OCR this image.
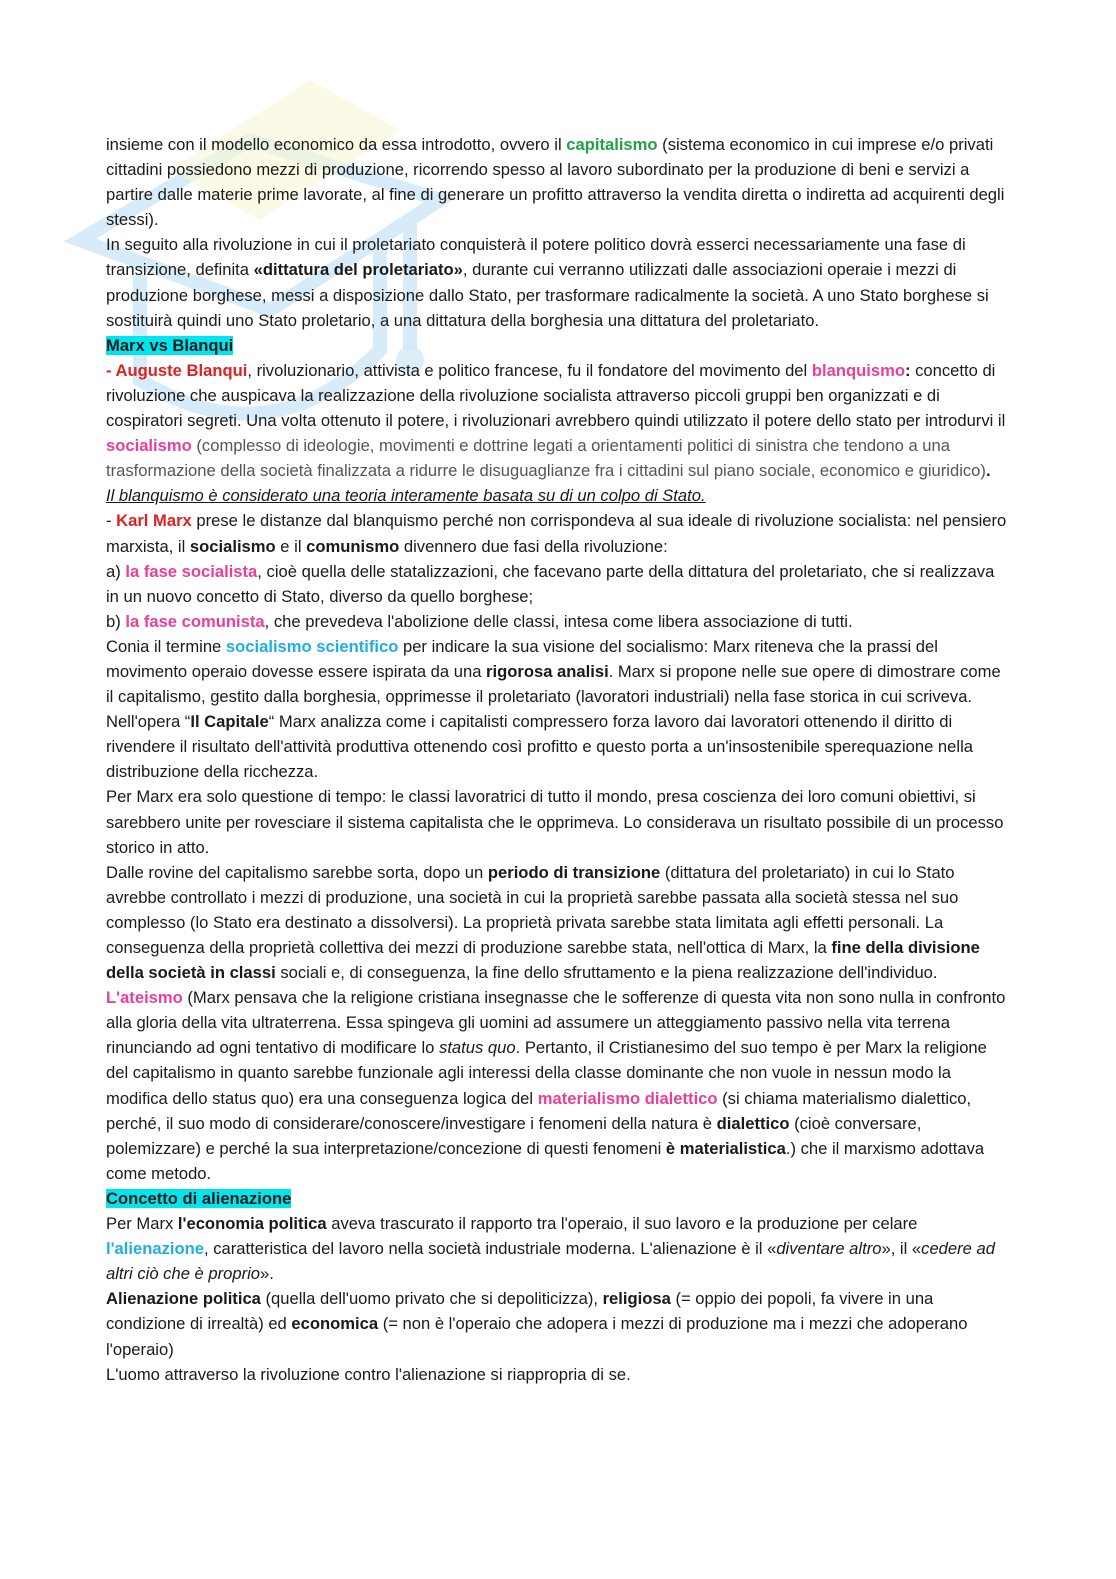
insieme con il modello economico da essa introdotto, ovvero il capitalismo (sistema economico in cui imprese e/o privati cittadini possiedono mezzi di produzione, ricorrendo spesso al lavoro subordinato per la produzione di beni e servizi a partire dalle materie prime lavorate, al fine di generare un profitto attraverso la vendita diretta o indiretta ad acquirenti degli stessi).

In seguito alla rivoluzione in cui il proletariato conquisterà il potere politico dovrà esserci necessariamente una fase di transizione, definita «dittatura del proletariato», durante cui verranno utilizzati dalle associazioni operaie i mezzi di produzione borghese, messi a disposizione dallo Stato, per trasformare radicalmente la società. A uno Stato borghese si sostituirà quindi uno Stato proletario, a una dittatura della borghesia una dittatura del proletariato.

Marx vs Blanqui

- Auguste Blanqui, rivoluzionario, attivista e politico francese, fu il fondatore del movimento del blanquismo: concetto di rivoluzione che auspicava la realizzazione della rivoluzione socialista attraverso piccoli gruppi ben organizzati e di cospiratori segreti. Una volta ottenuto il potere, i rivoluzionari avrebbero quindi utilizzato il potere dello stato per introdurvi il socialismo (complesso di ideologie, movimenti e dottrine legati a orientamenti politici di sinistra che tendono a una trasformazione della società finalizzata a ridurre le disuguaglianze fra i cittadini sul piano sociale, economico e giuridico).

Il blanquismo è considerato una teoria interamente basata su di un colpo di Stato.

- Karl Marx prese le distanze dal blanquismo perché non corrispondeva al sua ideale di rivoluzione socialista: nel pensiero marxista, il socialismo e il comunismo divennero due fasi della rivoluzione:

a) la fase socialista, cioè quella delle statalizzazioni, che facevano parte della dittatura del proletariato, che si realizzava in un nuovo concetto di Stato, diverso da quello borghese;

b) la fase comunista, che prevedeva l'abolizione delle classi, intesa come libera associazione di tutti.

Conia il termine socialismo scientifico per indicare la sua visione del socialismo: Marx riteneva che la prassi del movimento operaio dovesse essere ispirata da una rigorosa analisi. Marx si propone nelle sue opere di dimostrare come il capitalismo, gestito dalla borghesia, opprimesse il proletariato (lavoratori industriali) nella fase storica in cui scriveva. Nell'opera “Il Capitale“ Marx analizza come i capitalisti compressero forza lavoro dai lavoratori ottenendo il diritto di rivendere il risultato dell'attività produttiva ottenendo così profitto e questo porta a un'insostenibile sperequazione nella distribuzione della ricchezza.

Per Marx era solo questione di tempo: le classi lavoratrici di tutto il mondo, presa coscienza dei loro comuni obiettivi, si sarebbero unite per rovesciare il sistema capitalista che le opprimeva. Lo considerava un risultato possibile di un processo storico in atto.

Dalle rovine del capitalismo sarebbe sorta, dopo un periodo di transizione (dittatura del proletariato) in cui lo Stato avrebbe controllato i mezzi di produzione, una società in cui la proprietà sarebbe passata alla società stessa nel suo complesso (lo Stato era destinato a dissolversi). La proprietà privata sarebbe stata limitata agli effetti personali. La conseguenza della proprietà collettiva dei mezzi di produzione sarebbe stata, nell'ottica di Marx, la fine della divisione della società in classi sociali e, di conseguenza, la fine dello sfruttamento e la piena realizzazione dell'individuo. L'ateismo (Marx pensava che la religione cristiana insegnasse che le sofferenze di questa vita non sono nulla in confronto alla gloria della vita ultraterrena. Essa spingeva gli uomini ad assumere un atteggiamento passivo nella vita terrena rinunciando ad ogni tentativo di modificare lo status quo. Pertanto, il Cristianesimo del suo tempo è per Marx la religione del capitalismo in quanto sarebbe funzionale agli interessi della classe dominante che non vuole in nessun modo la modifica dello status quo) era una conseguenza logica del materialismo dialettico (si chiama materialismo dialettico, perché, il suo modo di considerare/conoscere/investigare i fenomeni della natura è dialettico (cioè conversare, polemizzare) e perché la sua interpretazione/concezione di questi fenomeni è materialistica.) che il marxismo adottava come metodo.

Concetto di alienazione

Per Marx l'economia politica aveva trascurato il rapporto tra l'operaio, il suo lavoro e la produzione per celare l'alienazione, caratteristica del lavoro nella società industriale moderna. L'alienazione è il «diventare altro», il «cedere ad altri ciò che è proprio».

Alienazione politica (quella dell'uomo privato che si depoliticizza), religiosa (= oppio dei popoli, fa vivere in una condizione di irrealtà) ed economica (= non è l'operaio che adopera i mezzi di produzione ma i mezzi che adoperano l'operaio)

L'uomo attraverso la rivoluzione contro l'alienazione si riappropria di se.
